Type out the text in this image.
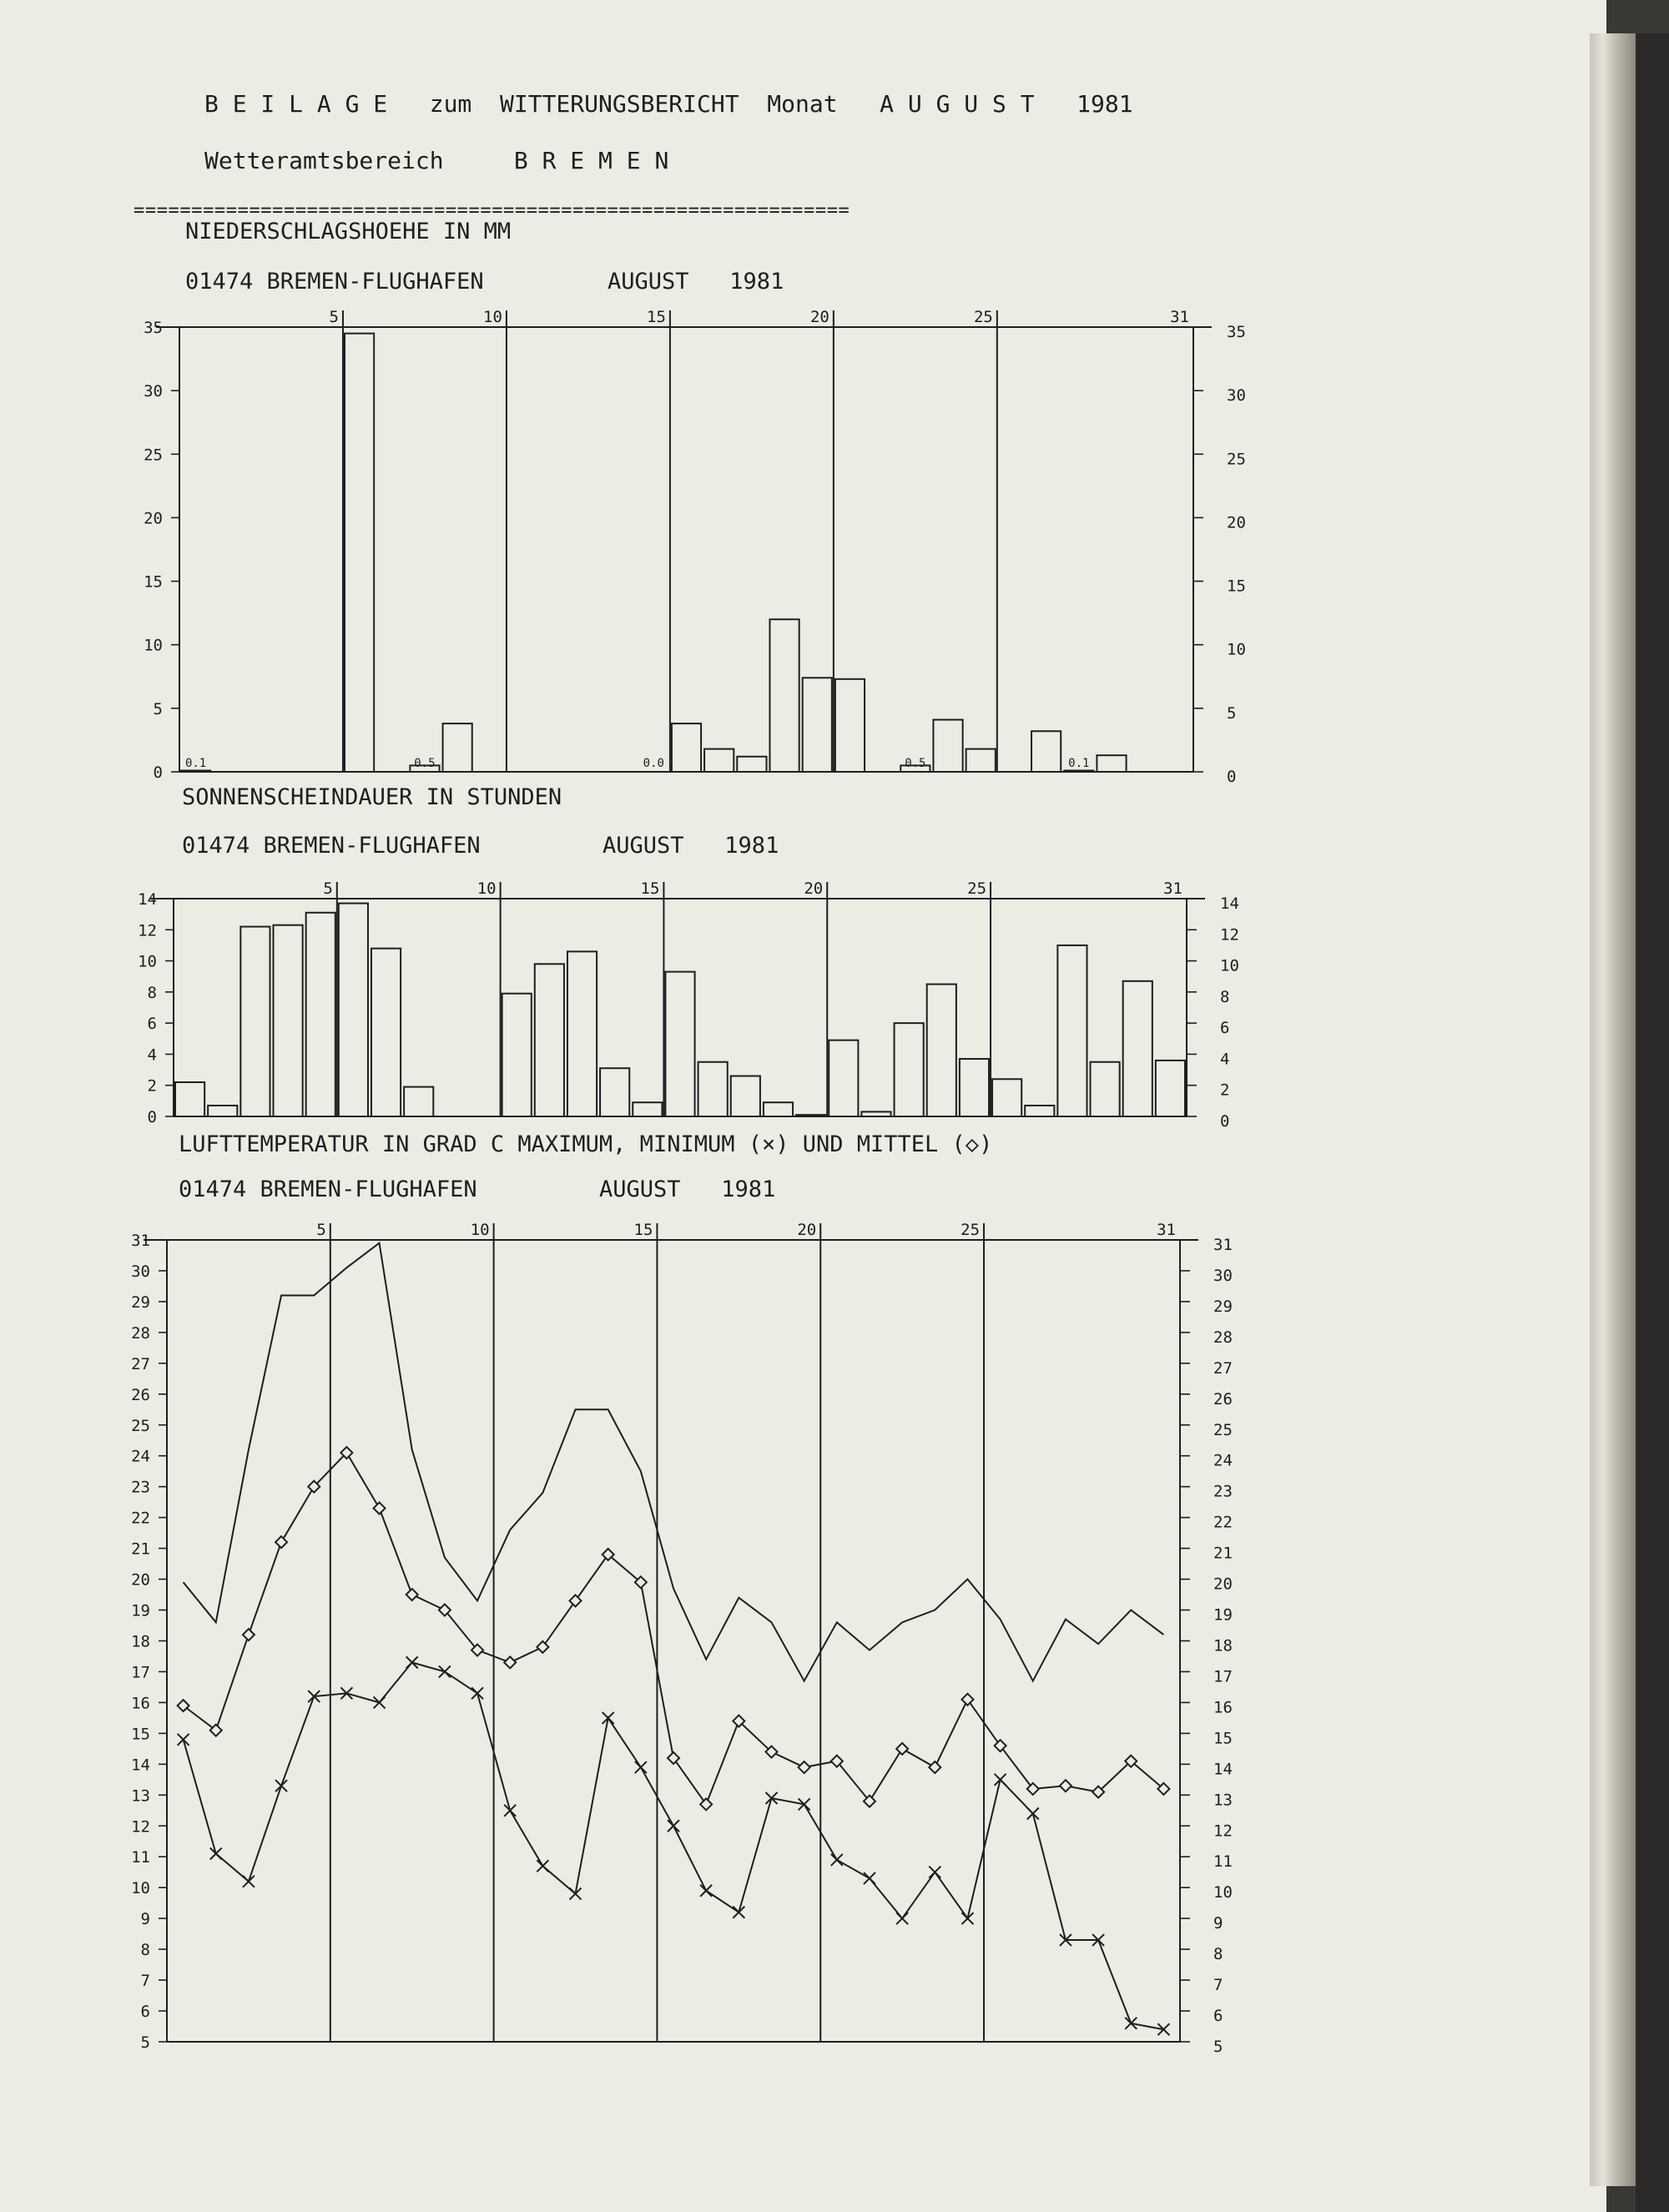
B E I L A G E   zum  WITTERUNGSBERICHT  Monat   A U G U S T   1981
Wetteramtsbereich     B R E M E N
==============================================================
NIEDERSCHLAGSHOEHE IN MM
01474 BREMEN-FLUGHAFEN	AUGUST   1981
SONNENSCHEINDAUER IN STUNDEN
01474 BREMEN-FLUGHAFEN	AUGUST   1981
LUFTTEMPERATUR IN GRAD C MAXIMUM, MINIMUM (×) UND MITTEL (◇)
01474 BREMEN-FLUGHAFEN	AUGUST   1981
5	10	15	20	25	31
0	0
5	5
10	10
15	15
20	20
25	25
30	30
35	35
0.1	0.5	0.0	0.5	0.1
5	10	15	20	25	31
0	0
2	2
4	4
6	6
8	8
10	10
12	12
14	14
5	10	15	20	25	31
5	5
6	6
7	7
8	8
9	9
10	10
11	11
12	12
13	13
14	14
15	15
16	16
17	17
18	18
19	19
20	20
21	21
22	22
23	23
24	24
25	25
26	26
27	27
28	28
29	29
30	30
31	31
